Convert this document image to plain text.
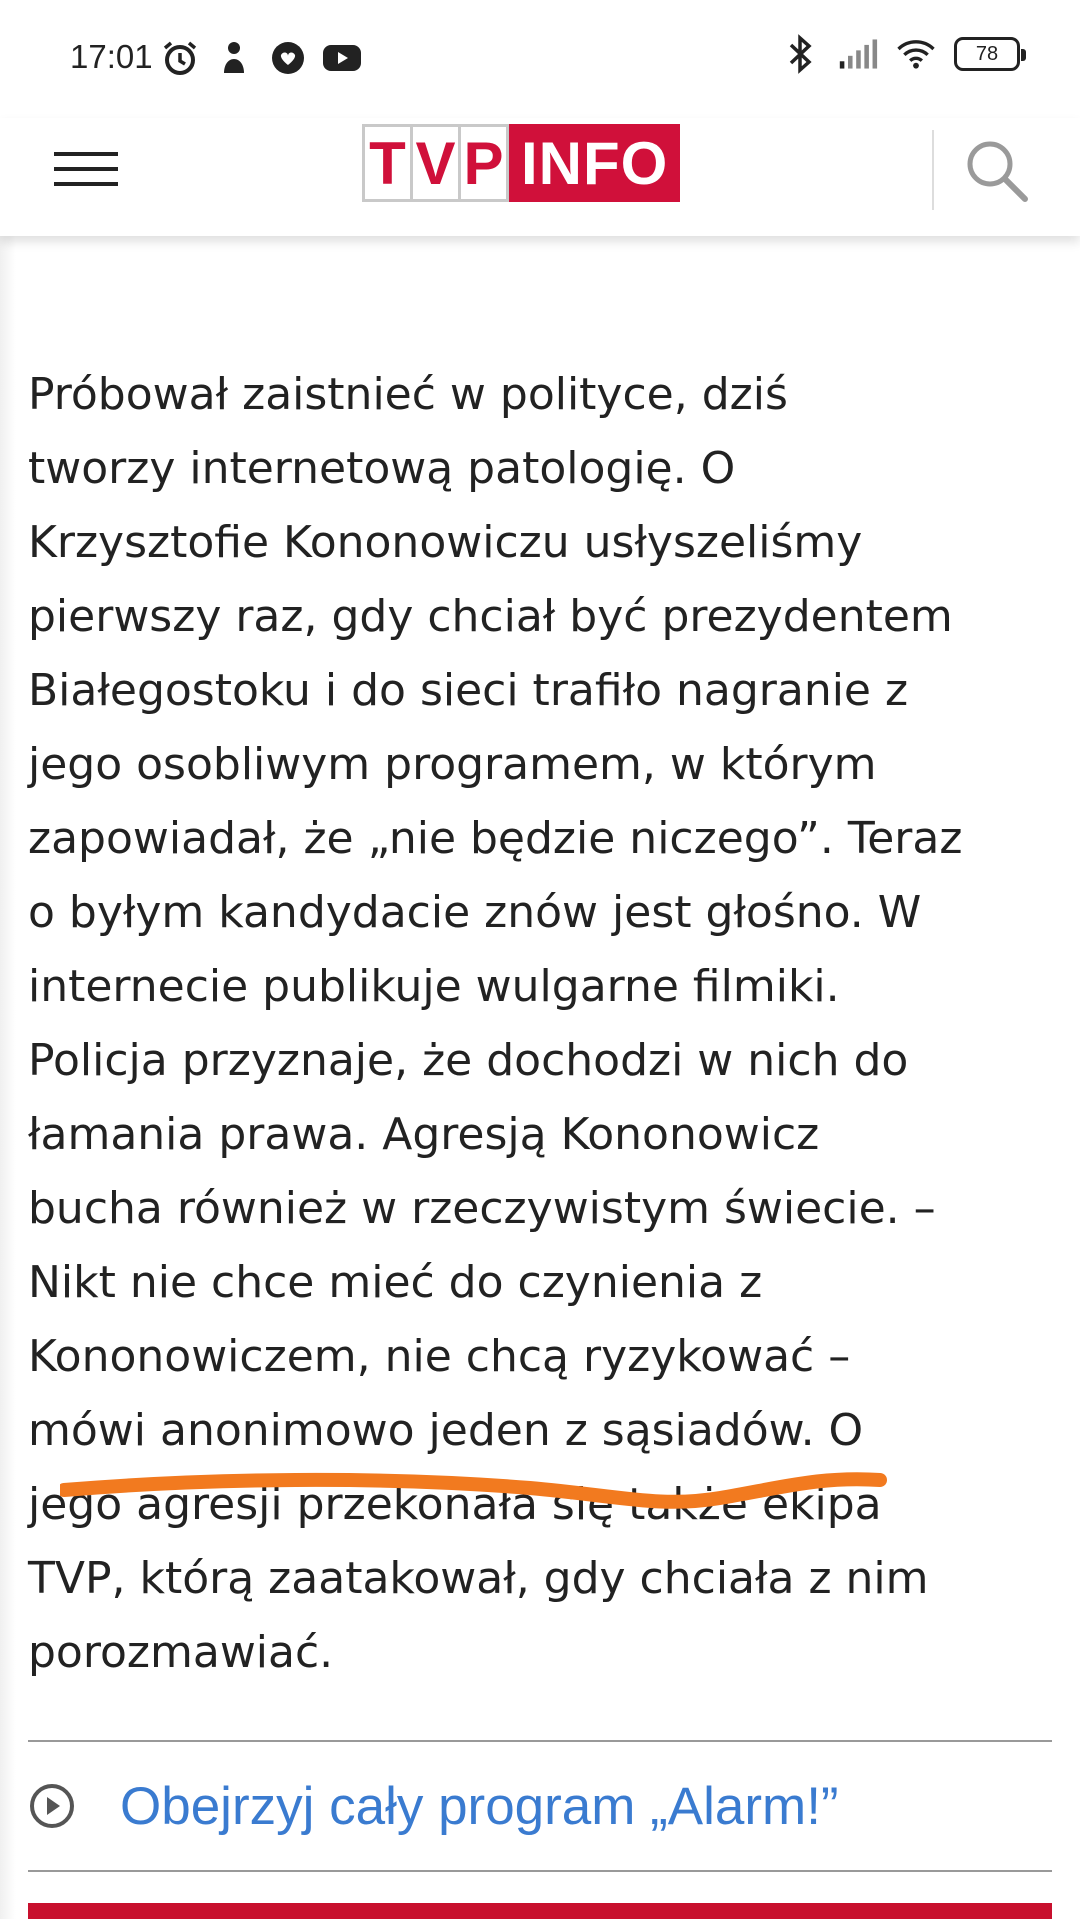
17:01	78
T V P INFO
Próbował zaistnieć w polityce, dziś
tworzy internetową patologię. O
Krzysztofie Kononowiczu usłyszeliśmy
pierwszy raz, gdy chciał być prezydentem
Białegostoku i do sieci trafiło nagranie z
jego osobliwym programem, w którym
zapowiadał, że „nie będzie niczego”. Teraz
o byłym kandydacie znów jest głośno. W
internecie publikuje wulgarne filmiki.
Policja przyznaje, że dochodzi w nich do
łamania prawa. Agresją Kononowicz
bucha również w rzeczywistym świecie. –
Nikt nie chce mieć do czynienia z
Kononowiczem, nie chcą ryzykować –
mówi anonimowo jeden z sąsiadów. O
jego agresji przekonała się także ekipa
TVP, którą zaatakował, gdy chciała z nim
porozmawiać.
Obejrzyj cały program „Alarm!”
